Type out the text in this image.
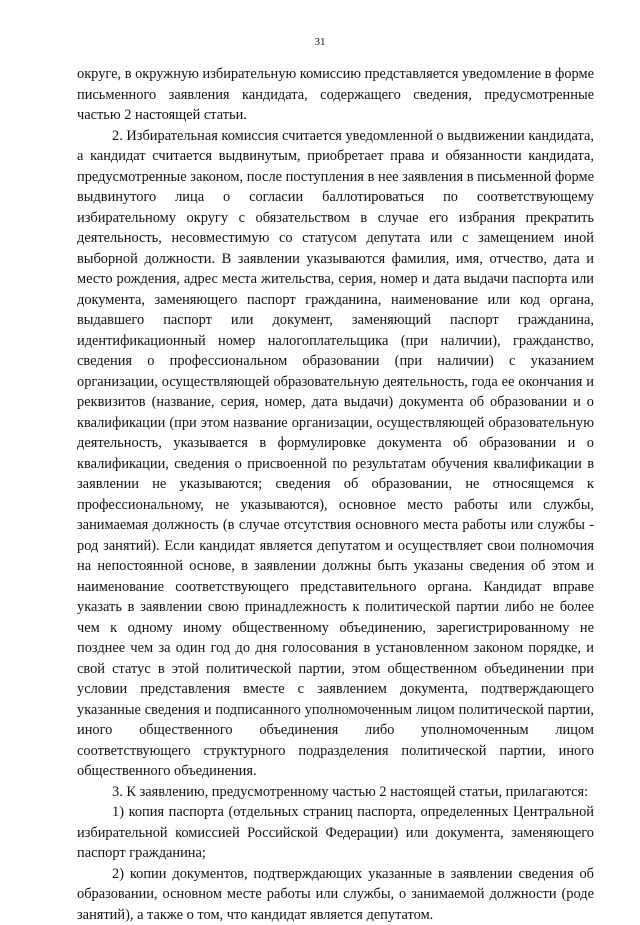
31

округе, в окружную избирательную комиссию представляется уведомление в форме письменного заявления кандидата, содержащего сведения, предусмотренные частью 2 настоящей статьи.

2. Избирательная комиссия считается уведомленной о выдвижении кандидата, а кандидат считается выдвинутым, приобретает права и обязанности кандидата, предусмотренные законом, после поступления в нее заявления в письменной форме выдвинутого лица о согласии баллотироваться по соответствующему избирательному округу с обязательством в случае его избрания прекратить деятельность, несовместимую со статусом депутата или с замещением иной выборной должности. В заявлении указываются фамилия, имя, отчество, дата и место рождения, адрес места жительства, серия, номер и дата выдачи паспорта или документа, заменяющего паспорт гражданина, наименование или код органа, выдавшего паспорт или документ, заменяющий паспорт гражданина, идентификационный номер налогоплательщика (при наличии), гражданство, сведения о профессиональном образовании (при наличии) с указанием организации, осуществляющей образовательную деятельность, года ее окончания и реквизитов (название, серия, номер, дата выдачи) документа об образовании и о квалификации (при этом название организации, осуществляющей образовательную деятельность, указывается в формулировке документа об образовании и о квалификации, сведения о присвоенной по результатам обучения квалификации в заявлении не указываются; сведения об образовании, не относящемся к профессиональному, не указываются), основное место работы или службы, занимаемая должность (в случае отсутствия основного места работы или службы - род занятий). Если кандидат является депутатом и осуществляет свои полномочия на непостоянной основе, в заявлении должны быть указаны сведения об этом и наименование соответствующего представительного органа. Кандидат вправе указать в заявлении свою принадлежность к политической партии либо не более чем к одному иному общественному объединению, зарегистрированному не позднее чем за один год до дня голосования в установленном законом порядке, и свой статус в этой политической партии, этом общественном объединении при условии представления вместе с заявлением документа, подтверждающего указанные сведения и подписанного уполномоченным лицом политической партии, иного общественного объединения либо уполномоченным лицом соответствующего структурного подразделения политической партии, иного общественного объединения.

3. К заявлению, предусмотренному частью 2 настоящей статьи, прилагаются:

1) копия паспорта (отдельных страниц паспорта, определенных Центральной избирательной комиссией Российской Федерации) или документа, заменяющего паспорт гражданина;

2) копии документов, подтверждающих указанные в заявлении сведения об образовании, основном месте работы или службы, о занимаемой должности (роде занятий), а также о том, что кандидат является депутатом.
